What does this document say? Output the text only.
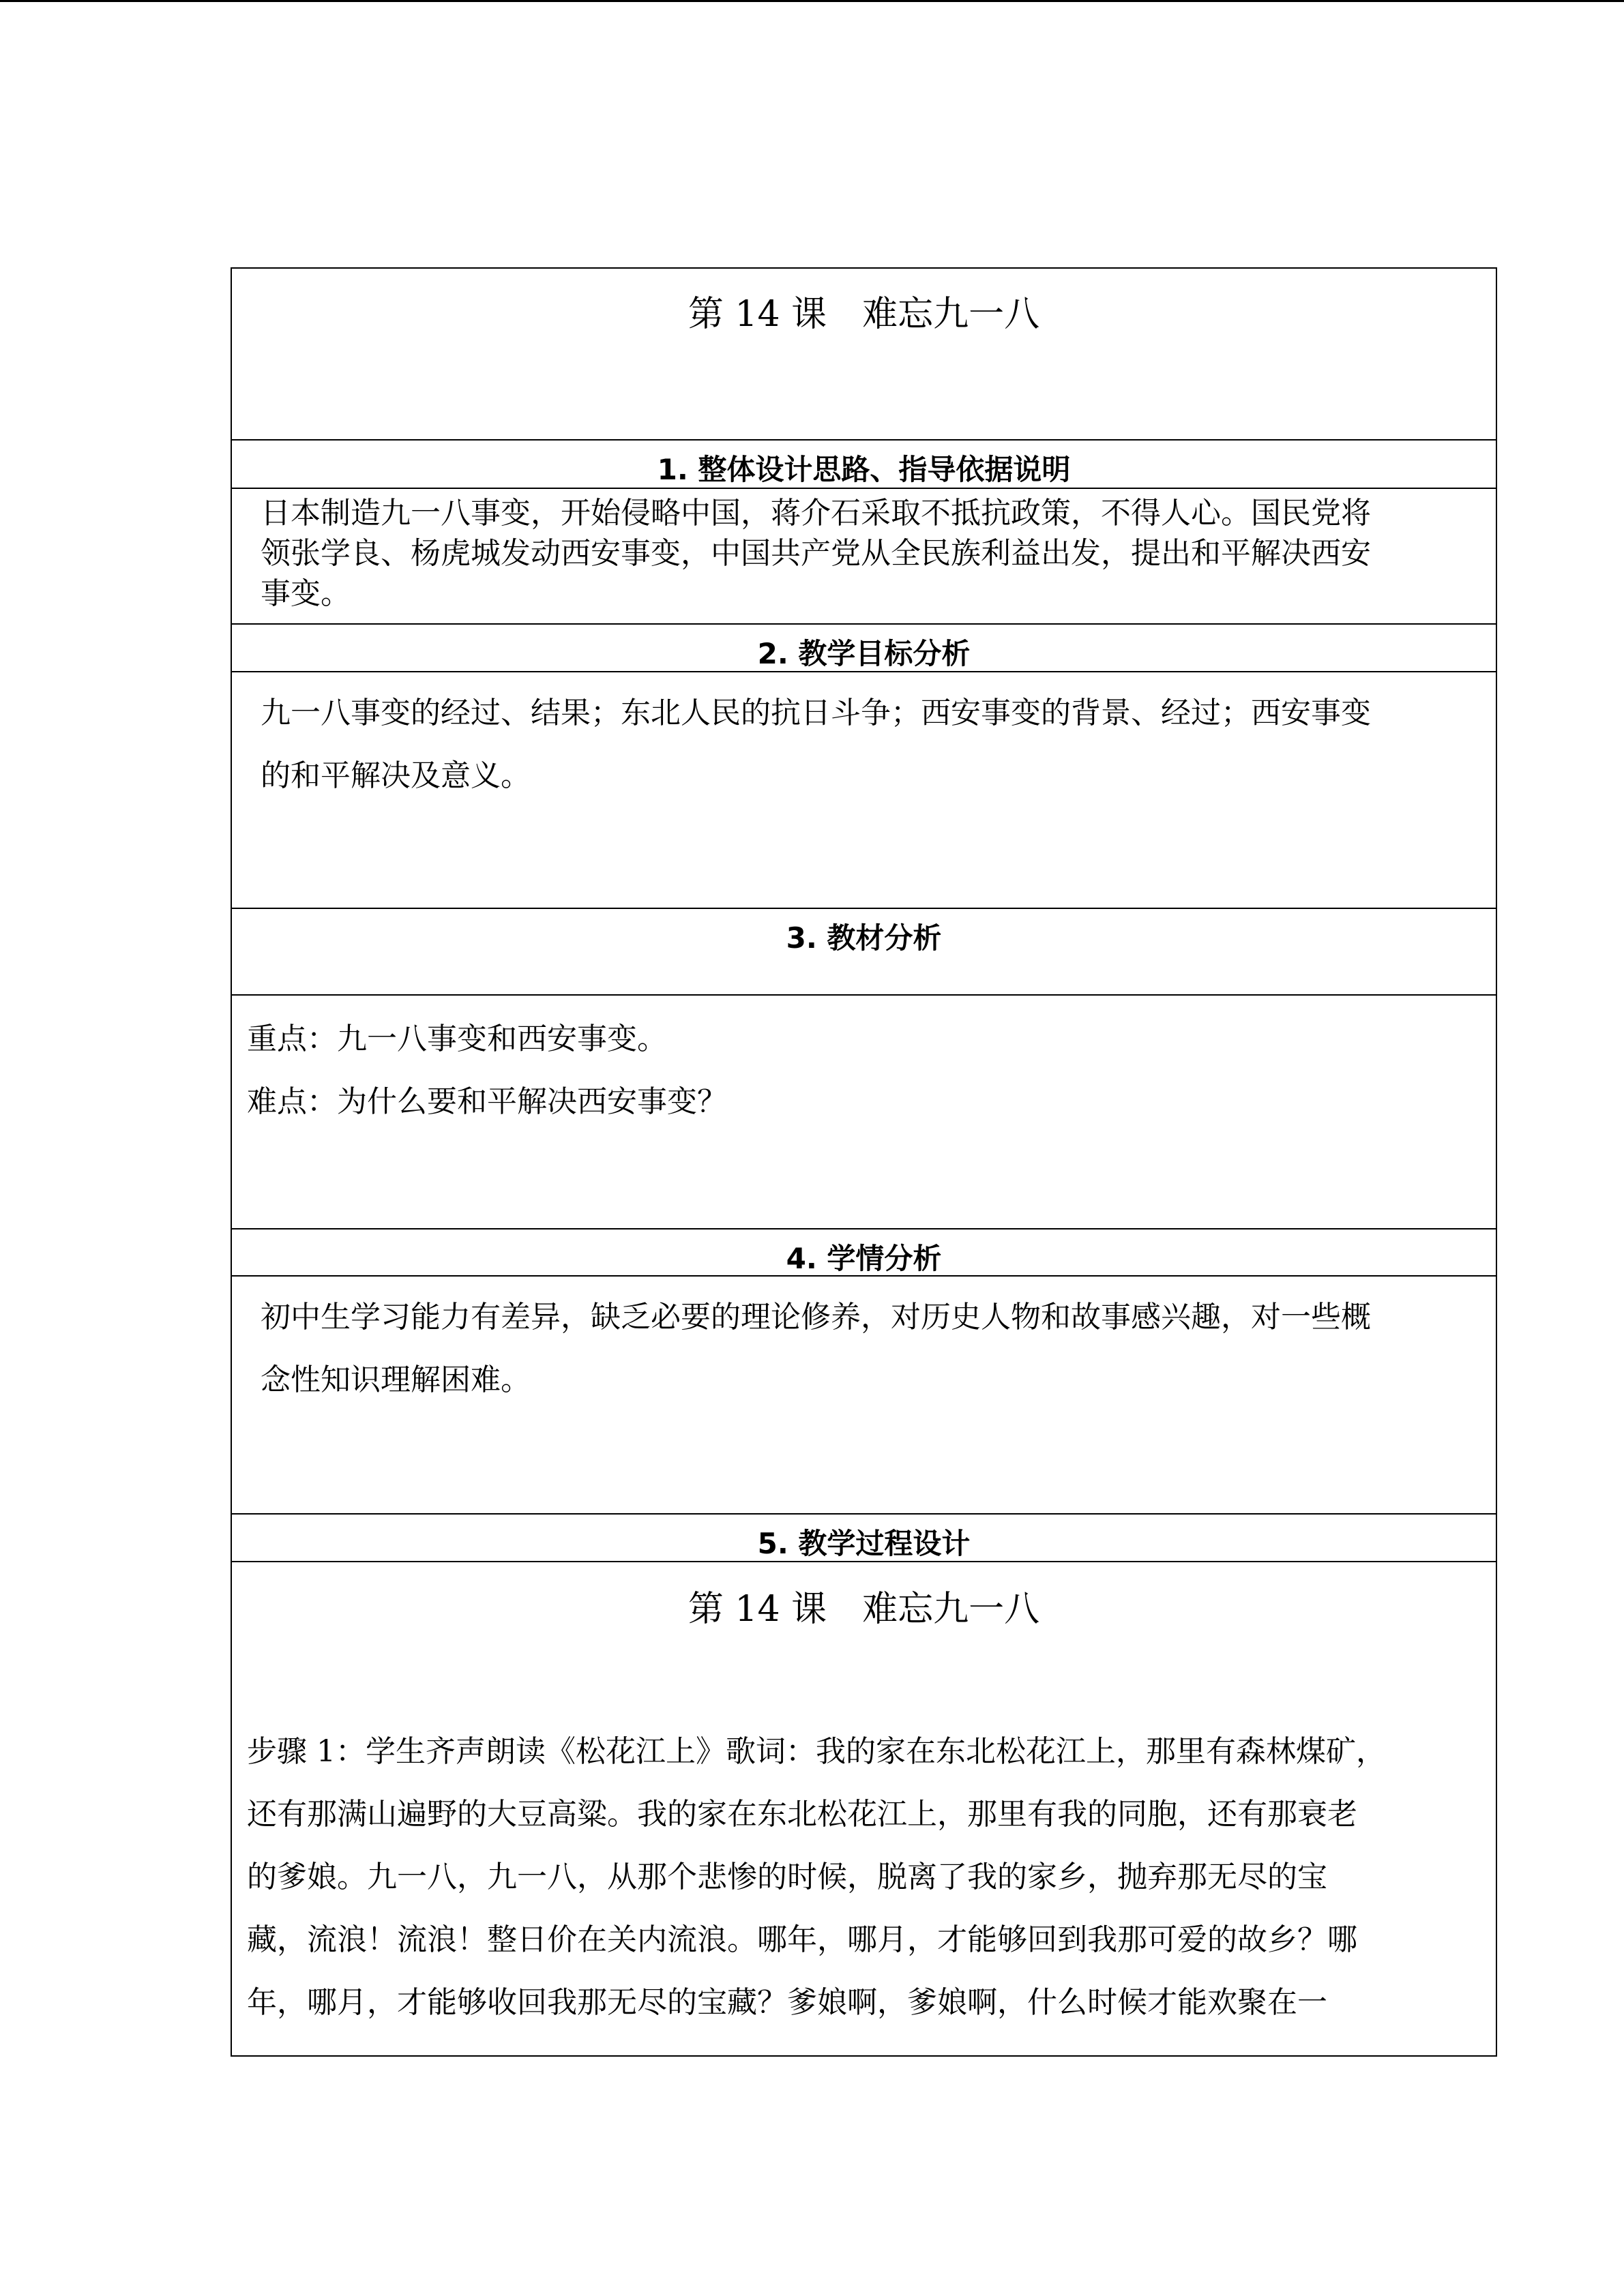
第 14 课　难忘九一八
1. 整体设计思路、指导依据说明

日本制造九一八事变，开始侵略中国，蒋介石采取不抵抗政策，不得人心。国民党将

领张学良、杨虎城发动西安事变，中国共产党从全民族利益出发，提出和平解决西安

事变。

2. 教学目标分析

九一八事变的经过、结果；东北人民的抗日斗争；西安事变的背景、经过；西安事变

的和平解决及意义。

3. 教材分析

重点：九一八事变和西安事变。

难点：为什么要和平解决西安事变？

4. 学情分析

初中生学习能力有差异，缺乏必要的理论修养，对历史人物和故事感兴趣，对一些概

念性知识理解困难。

5. 教学过程设计
第 14 课　难忘九一八

步骤 1：学生齐声朗读《松花江上》歌词：我的家在东北松花江上，那里有森林煤矿，

还有那满山遍野的大豆高粱。我的家在东北松花江上，那里有我的同胞，还有那衰老

的爹娘。九一八，九一八，从那个悲惨的时候，脱离了我的家乡，抛弃那无尽的宝

藏，流浪！流浪！整日价在关内流浪。哪年，哪月，才能够回到我那可爱的故乡？哪

年，哪月，才能够收回我那无尽的宝藏？爹娘啊，爹娘啊，什么时候才能欢聚在一
